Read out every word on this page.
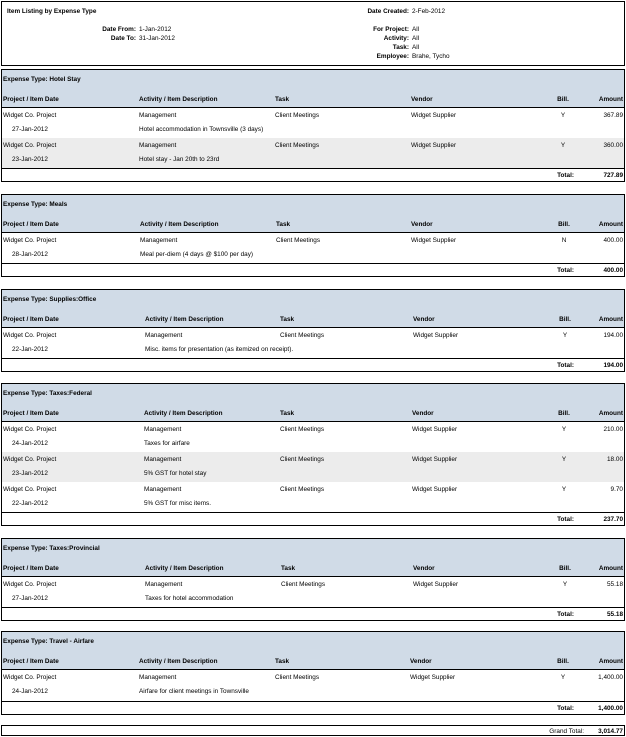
Item Listing by Expense Type
Date From: 1-Jan-2012
Date To: 31-Jan-2012
Date Created: 2-Feb-2012
For Project: All
Activity: All
Task: All
Employee: Brahe, Tycho
Expense Type: Hotel Stay
Project / Item Date	Activity / Item Description	Task	Vendor	Bill.	Amount
Widget Co. Project	Management	Client Meetings	Widget Supplier	Y	367.89
27-Jan-2012	Hotel accommodation in Townsville (3 days)
Widget Co. Project	Management	Client Meetings	Widget Supplier	Y	360.00
23-Jan-2012	Hotel stay - Jan 20th to 23rd
Total:	727.89
Expense Type: Meals
Project / Item Date	Activity / Item Description	Task	Vendor	Bill.	Amount
Widget Co. Project	Management	Client Meetings	Widget Supplier	N	400.00
28-Jan-2012	Meal per-diem (4 days @ $100 per day)
Total:	400.00
Expense Type: Supplies:Office
Project / Item Date	Activity / Item Description	Task	Vendor	Bill.	Amount
Widget Co. Project	Management	Client Meetings	Widget Supplier	Y	194.00
22-Jan-2012	Misc. items for presentation (as itemized on receipt).
Total:	194.00
Expense Type: Taxes:Federal
Project / Item Date	Activity / Item Description	Task	Vendor	Bill.	Amount
Widget Co. Project	Management	Client Meetings	Widget Supplier	Y	210.00
24-Jan-2012	Taxes for airfare
Widget Co. Project	Management	Client Meetings	Widget Supplier	Y	18.00
23-Jan-2012	5% GST for hotel stay
Widget Co. Project	Management	Client Meetings	Widget Supplier	Y	9.70
22-Jan-2012	5% GST for misc items.
Total:	237.70
Expense Type: Taxes:Provincial
Project / Item Date	Activity / Item Description	Task	Vendor	Bill.	Amount
Widget Co. Project	Management	Client Meetings	Widget Supplier	Y	55.18
27-Jan-2012	Taxes for hotel accommodation
Total:	55.18
Expense Type: Travel - Airfare
Project / Item Date	Activity / Item Description	Task	Vendor	Bill.	Amount
Widget Co. Project	Management	Client Meetings	Widget Supplier	Y	1,400.00
24-Jan-2012	Airfare for client meetings in Townsville
Total:	1,400.00
Grand Total: 3,014.77
